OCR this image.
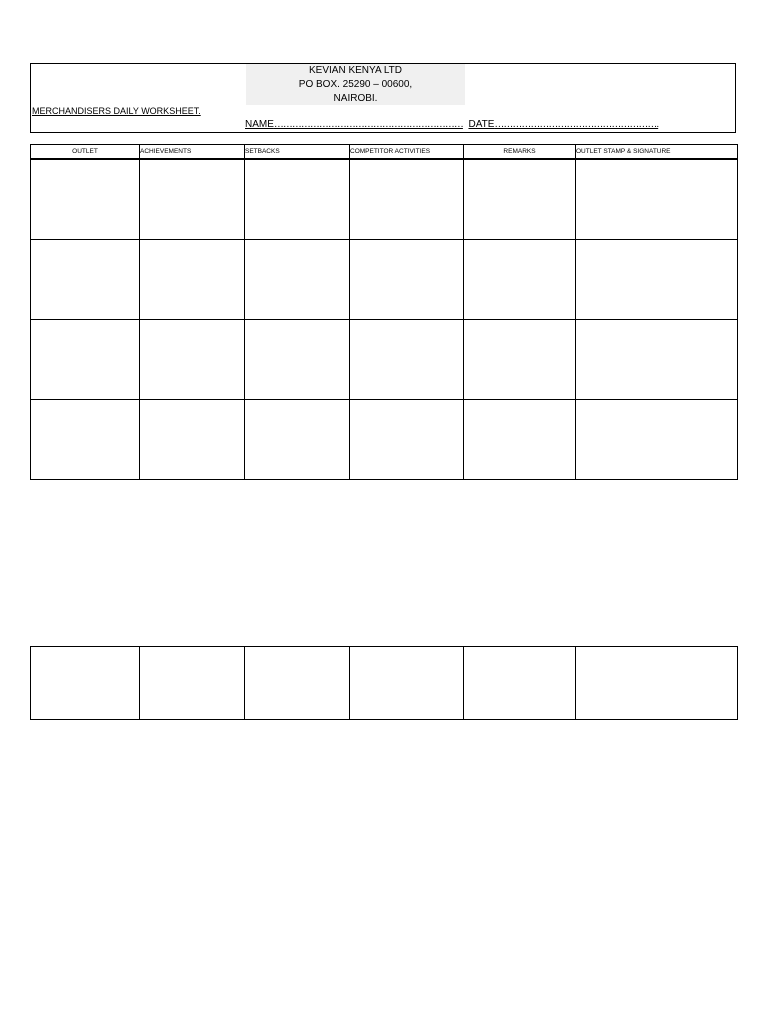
KEVIAN KENYA LTD
PO BOX. 25290 – 00600,
NAIROBI.
MERCHANDISERS DAILY WORKSHEET.
NAME……………………………………………………… DATE……………………………………………….
OUTLET	ACHIEVEMENTS	SETBACKS	COMPETITOR ACTIVITIES	REMARKS	OUTLET STAMP & SIGNATURE
